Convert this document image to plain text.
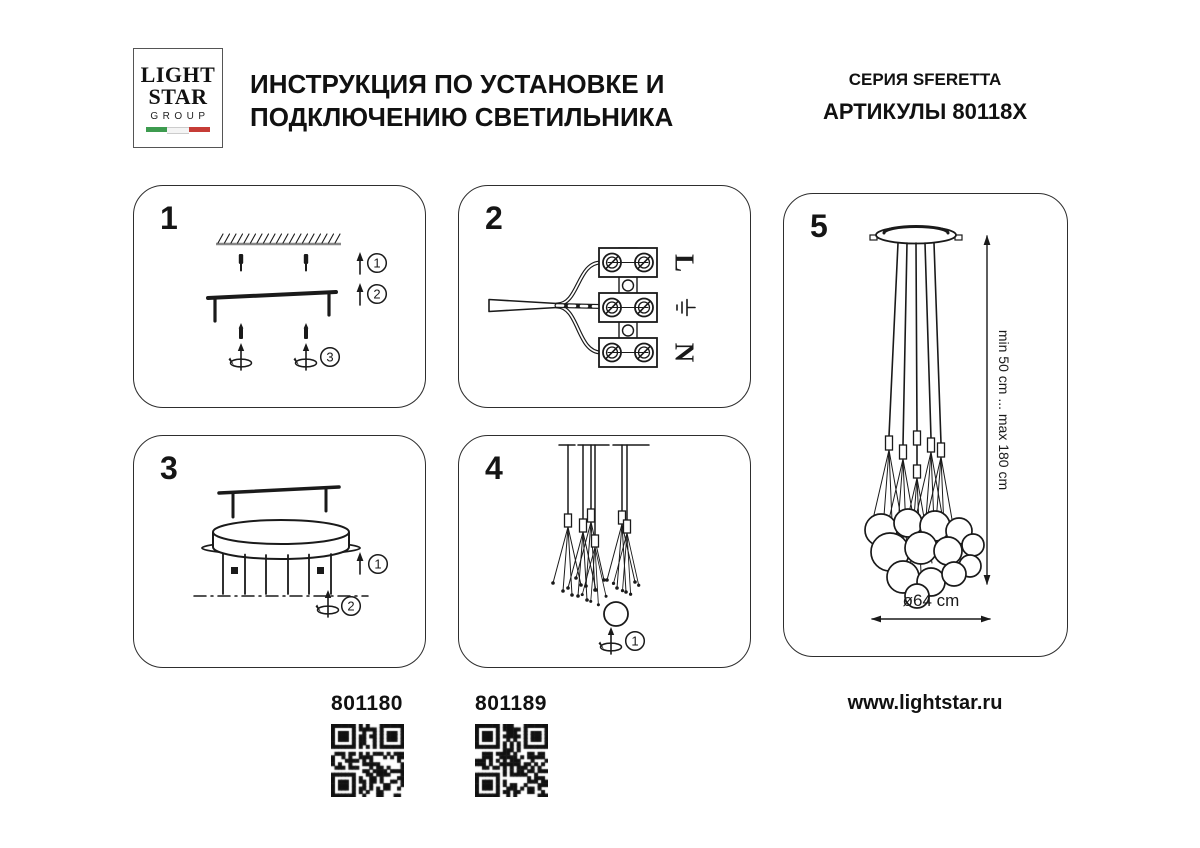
LIGHT
STAR
GROUP
ИНСТРУКЦИЯ ПО УСТАНОВКЕ И
ПОДКЛЮЧЕНИЮ СВЕТИЛЬНИКА
СЕРИЯ SFERETTA
АРТИКУЛЫ 80118X
1
1
2
3
2
L
N
3
1
2
4
1
5
min 50 cm ... max 180 cm
ø64 cm
801180	801189	www.lightstar.ru
